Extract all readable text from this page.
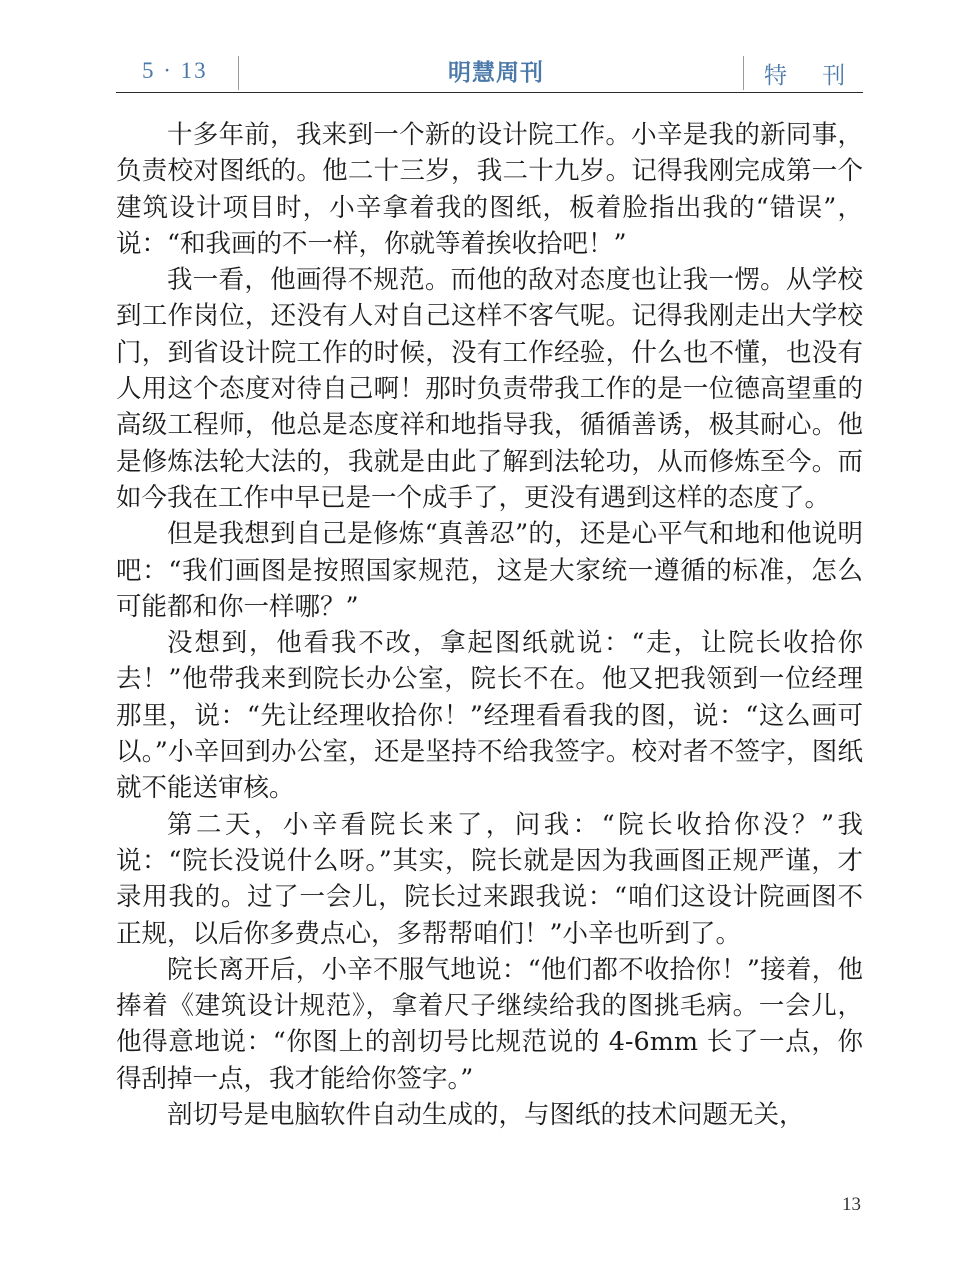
5 · 13	明慧周刊	特 刊

十多年前，我来到一个新的设计院工作。小辛是我的新同事，负责校对图纸的。他二十三岁，我二十九岁。记得我刚完成第一个建筑设计项目时，小辛拿着我的图纸，板着脸指出我的“错误”，说：“和我画的不一样，你就等着挨收拾吧！”

我一看，他画得不规范。而他的敌对态度也让我一愣。从学校到工作岗位，还没有人对自己这样不客气呢。记得我刚走出大学校门，到省设计院工作的时候，没有工作经验，什么也不懂，也没有人用这个态度对待自己啊！那时负责带我工作的是一位德高望重的高级工程师，他总是态度祥和地指导我，循循善诱，极其耐心。他是修炼法轮大法的，我就是由此了解到法轮功，从而修炼至今。而如今我在工作中早已是一个成手了，更没有遇到这样的态度了。

但是我想到自己是修炼“真善忍”的，还是心平气和地和他说明吧：“我们画图是按照国家规范，这是大家统一遵循的标准，怎么可能都和你一样哪？”

没想到，他看我不改，拿起图纸就说：“走，让院长收拾你去！”他带我来到院长办公室，院长不在。他又把我领到一位经理那里，说：“先让经理收拾你！”经理看看我的图，说：“这么画可以。”小辛回到办公室，还是坚持不给我签字。校对者不签字，图纸就不能送审核。

第二天，小辛看院长来了，问我：“院长收拾你没？”我说：“院长没说什么呀。”其实，院长就是因为我画图正规严谨，才录用我的。过了一会儿，院长过来跟我说：“咱们这设计院画图不正规，以后你多费点心，多帮帮咱们！”小辛也听到了。

院长离开后，小辛不服气地说：“他们都不收拾你！”接着，他捧着《建筑设计规范》，拿着尺子继续给我的图挑毛病。一会儿，他得意地说：“你图上的剖切号比规范说的 4-6mm 长了一点，你得刮掉一点，我才能给你签字。”

剖切号是电脑软件自动生成的，与图纸的技术问题无关，

13
